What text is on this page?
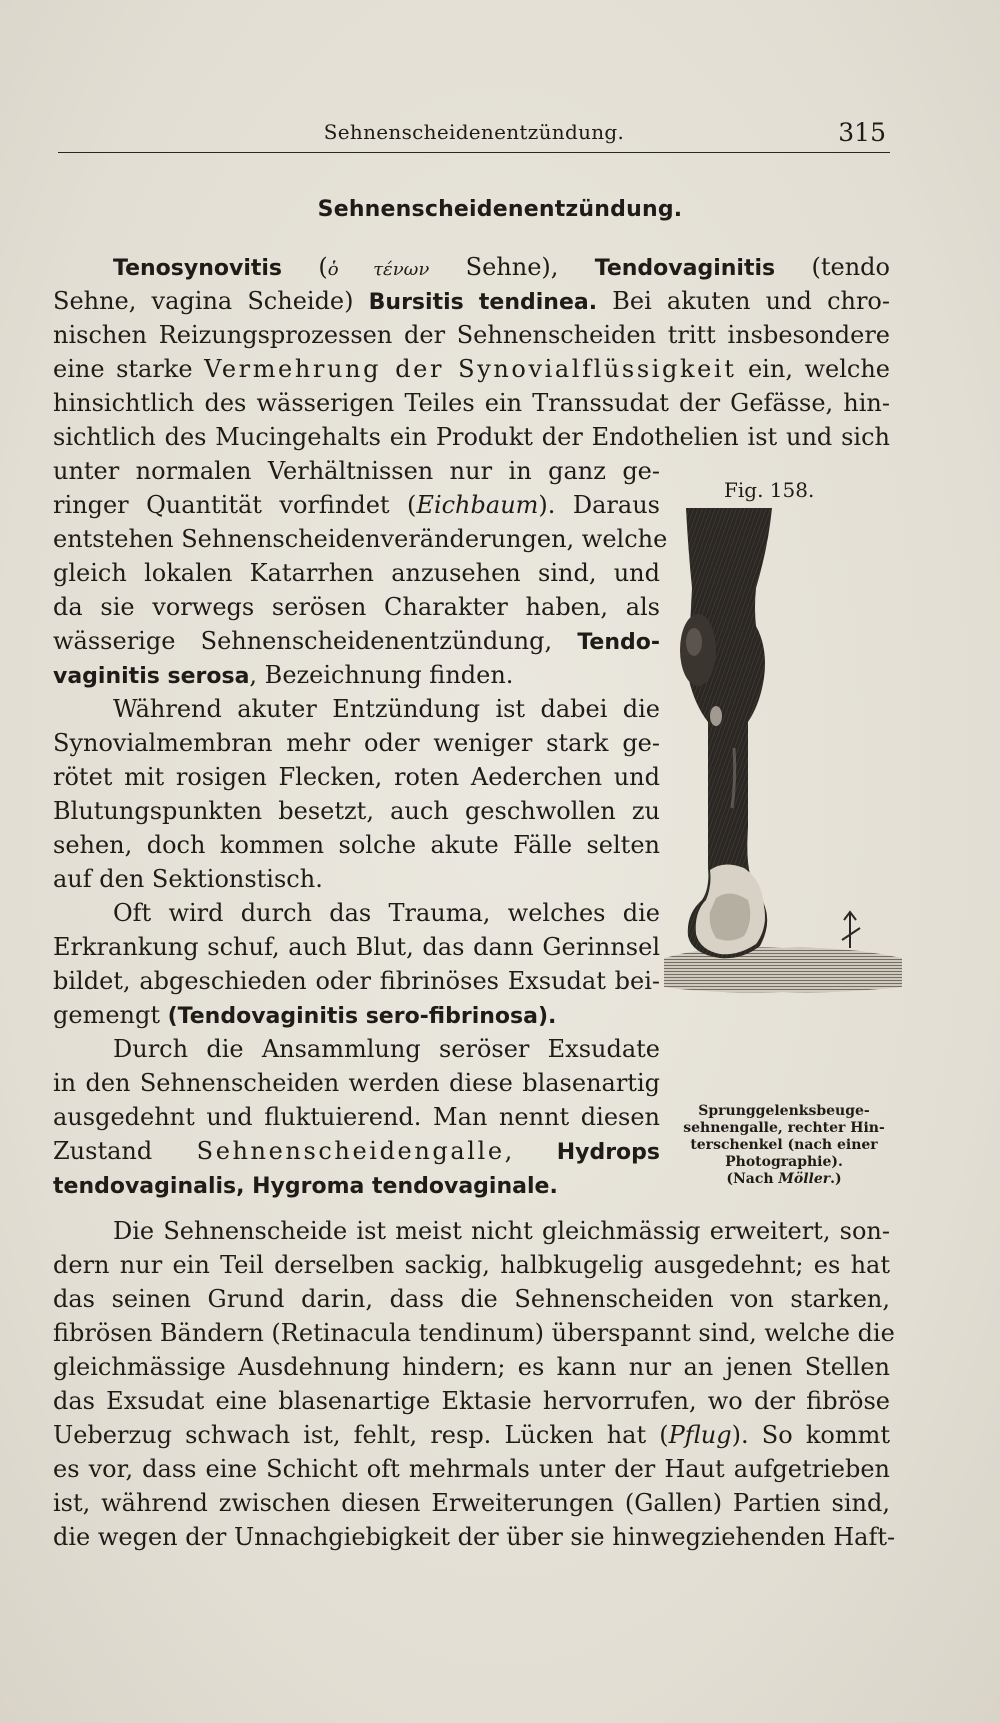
Sehnenscheidenentzündung.	315
Sehnenscheidenentzündung.
Tenosynovitis (ὁ τένων Sehne), Tendovaginitis (tendo
Sehne, vagina Scheide) Bursitis tendinea. Bei akuten und chro-
nischen Reizungsprozessen der Sehnenscheiden tritt insbesondere
eine starke Vermehrung der Synovialflüssigkeit ein, welche
hinsichtlich des wässerigen Teiles ein Transsudat der Gefässe, hin-
sichtlich des Mucingehalts ein Produkt der Endothelien ist und sich
unter normalen Verhältnissen nur in ganz ge-
ringer Quantität vorfindet (Eichbaum). Daraus
entstehen Sehnenscheidenveränderungen, welche
gleich lokalen Katarrhen anzusehen sind, und
da sie vorwegs serösen Charakter haben, als
wässerige Sehnenscheidenentzündung, Tendo-
vaginitis serosa, Bezeichnung finden.
Während akuter Entzündung ist dabei die
Synovialmembran mehr oder weniger stark ge-
rötet mit rosigen Flecken, roten Aederchen und
Blutungspunkten besetzt, auch geschwollen zu
sehen, doch kommen solche akute Fälle selten
auf den Sektionstisch.
Oft wird durch das Trauma, welches die
Erkrankung schuf, auch Blut, das dann Gerinnsel
bildet, abgeschieden oder fibrinöses Exsudat bei-
gemengt (Tendovaginitis sero-fibrinosa).
Durch die Ansammlung seröser Exsudate
in den Sehnenscheiden werden diese blasenartig
ausgedehnt und fluktuierend. Man nennt diesen
Zustand Sehnenscheidengalle, Hydrops
tendovaginalis, Hygroma tendovaginale.
Die Sehnenscheide ist meist nicht gleichmässig erweitert, son-
dern nur ein Teil derselben sackig, halbkugelig ausgedehnt; es hat
das seinen Grund darin, dass die Sehnenscheiden von starken,
fibrösen Bändern (Retinacula tendinum) überspannt sind, welche die
gleichmässige Ausdehnung hindern; es kann nur an jenen Stellen
das Exsudat eine blasenartige Ektasie hervorrufen, wo der fibröse
Ueberzug schwach ist, fehlt, resp. Lücken hat (Pflug). So kommt
es vor, dass eine Schicht oft mehrmals unter der Haut aufgetrieben
ist, während zwischen diesen Erweiterungen (Gallen) Partien sind,
die wegen der Unnachgiebigkeit der über sie hinwegziehenden Haft-
Fig. 158.
Sprunggelenksbeuge-
sehnengalle, rechter Hin-
terschenkel (nach einer
Photographie).
(Nach Möller.)
